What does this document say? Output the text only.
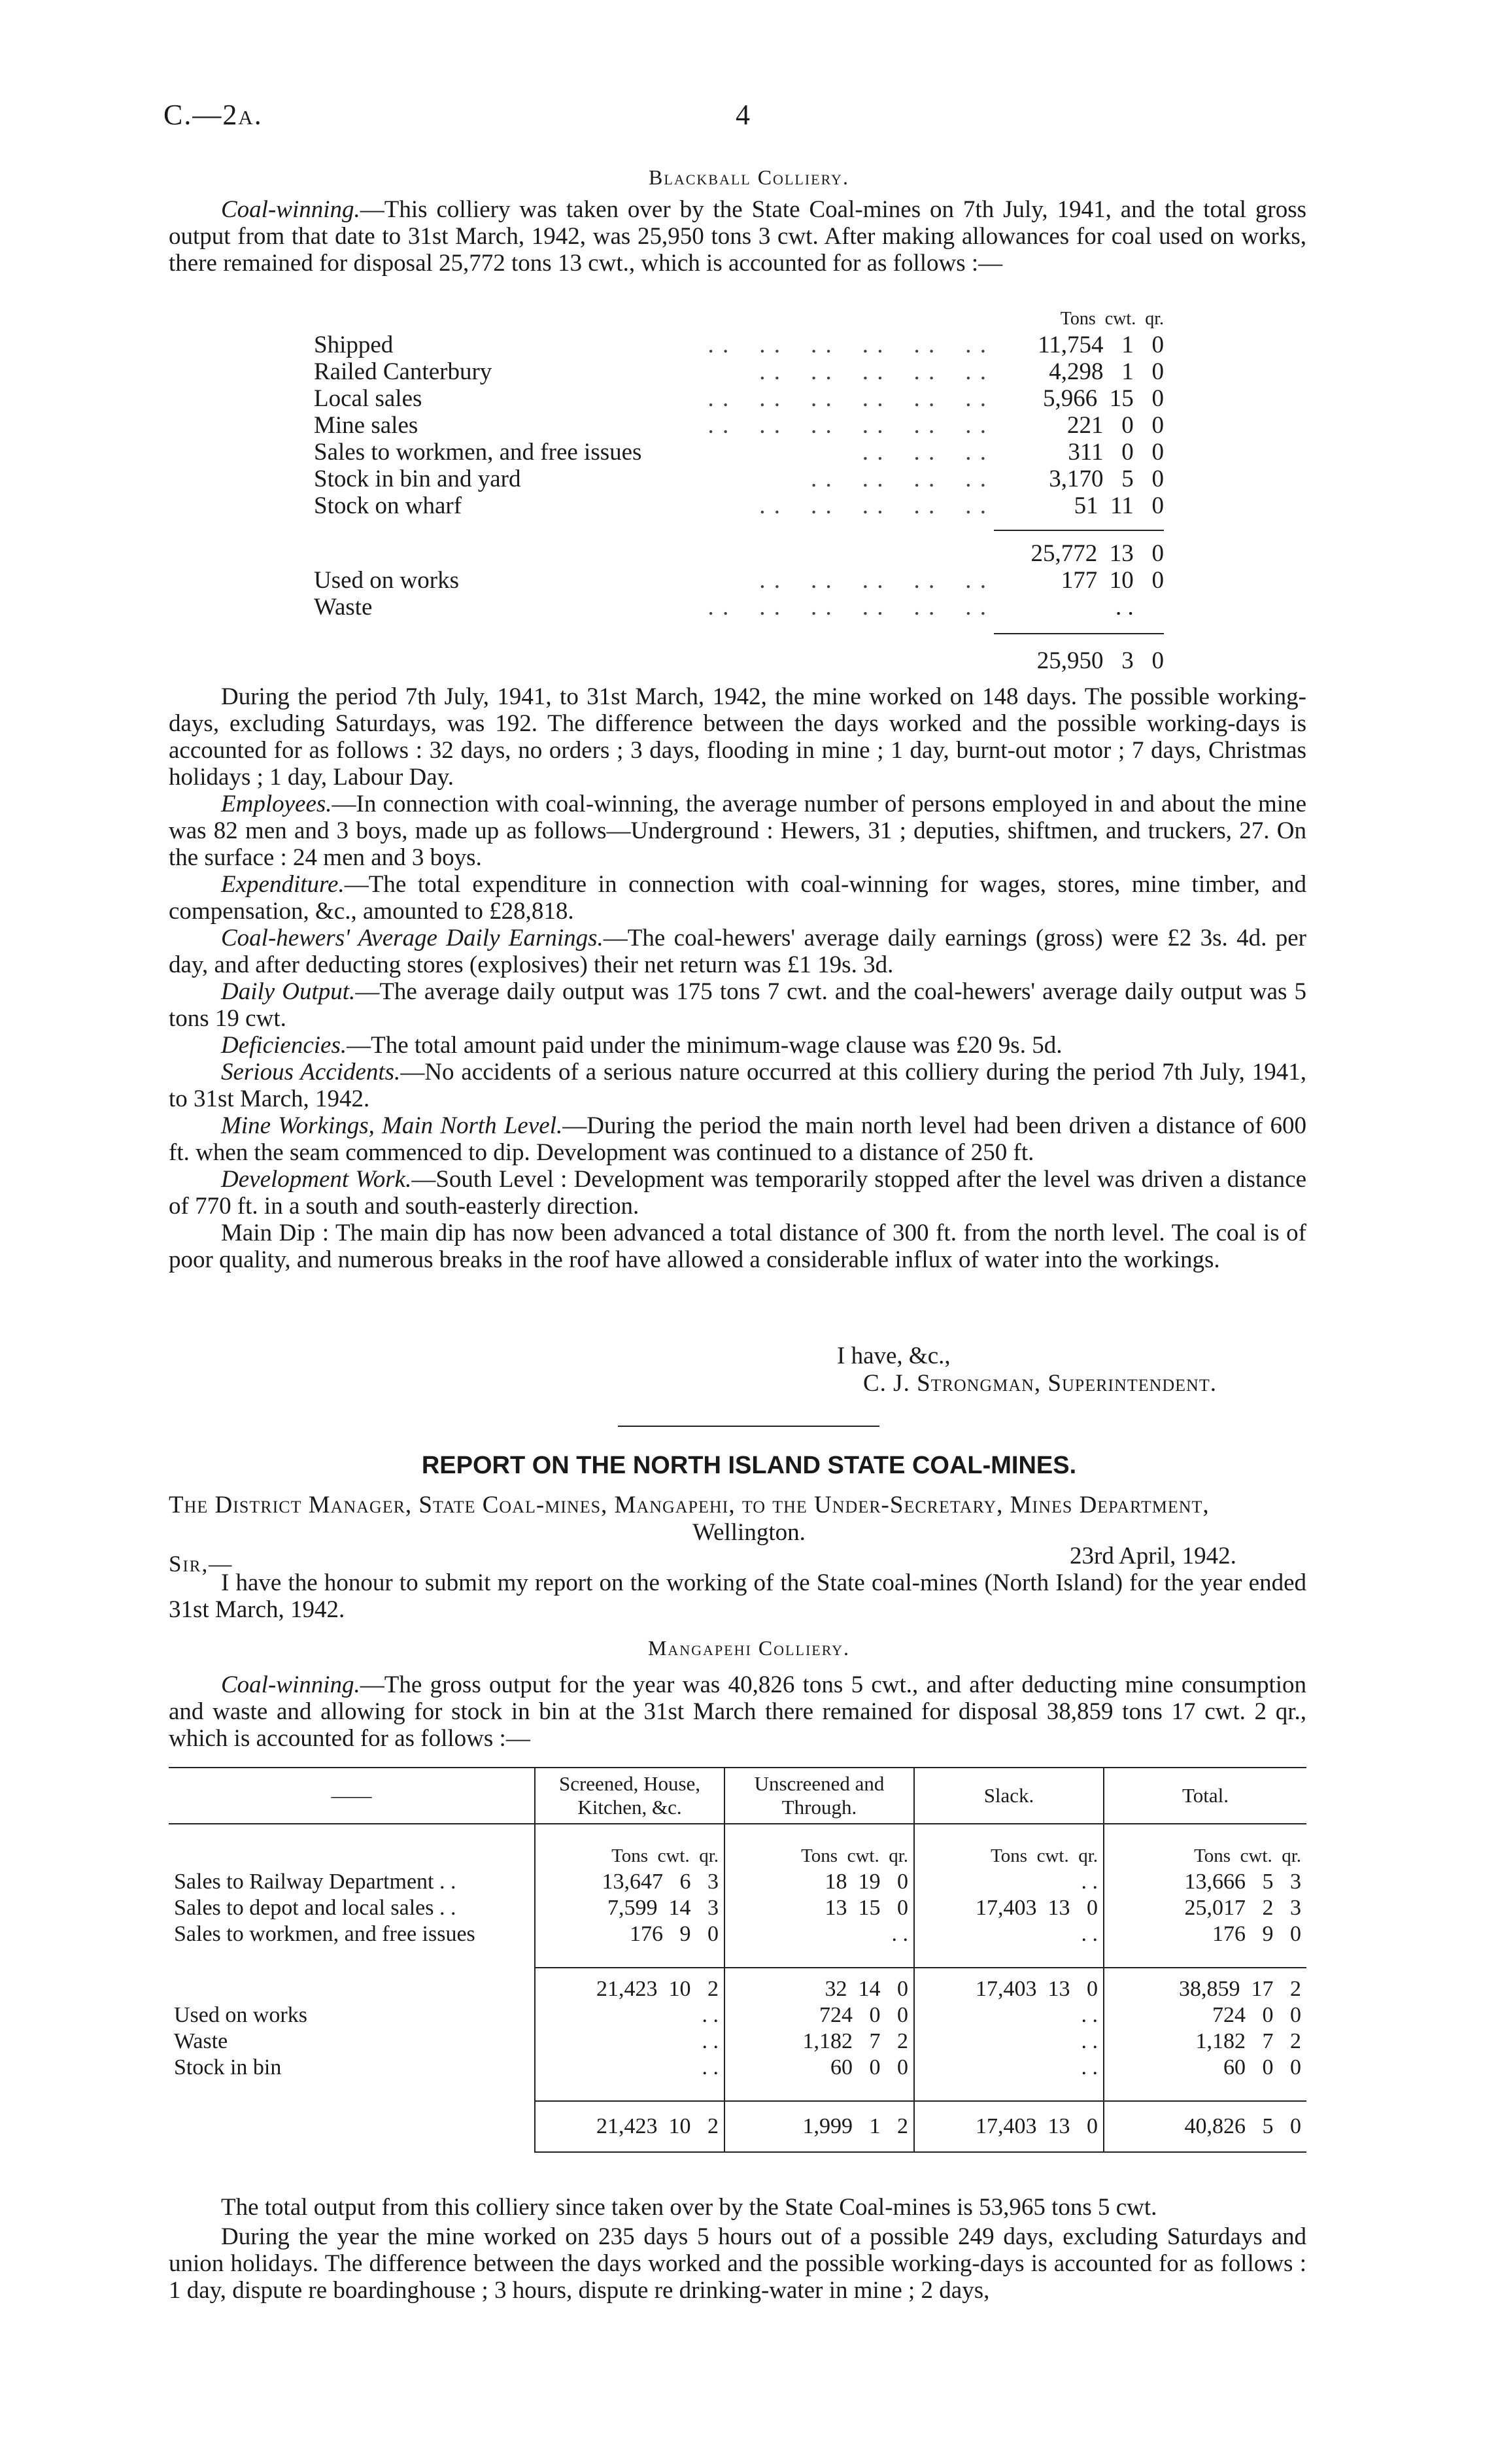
C.—2a.	4
Blackball Colliery.
Coal-winning.—This colliery was taken over by the State Coal-mines on 7th July, 1941, and the total gross output from that date to 31st March, 1942, was 25,950 tons 3 cwt. After making allowances for coal used on works, there remained for disposal 25,772 tons 13 cwt., which is accounted for as follows :—
Tons  cwt.  qr.
Shipped	. .    . .    . .    . .    . .    . .	11,754   1   0
Railed Canterbury	. .    . .    . .    . .    . .	4,298   1   0
Local sales	. .    . .    . .    . .    . .    . .	5,966  15   0
Mine sales	. .    . .    . .    . .    . .    . .	221   0   0
Sales to workmen, and free issues	. .    . .    . .	311   0   0
Stock in bin and yard	. .    . .    . .    . .	3,170   5   0
Stock on wharf	. .    . .    . .    . .    . .	51  11   0
25,772  13   0
Used on works	. .    . .    . .    . .    . .	177  10   0
Waste	. .    . .    . .    . .    . .    . .	. .
25,950   3   0

During the period 7th July, 1941, to 31st March, 1942, the mine worked on 148 days. The possible working-days, excluding Saturdays, was 192. The difference between the days worked and the possible working-days is accounted for as follows : 32 days, no orders ; 3 days, flooding in mine ; 1 day, burnt-out motor ; 7 days, Christmas holidays ; 1 day, Labour Day.

Employees.—In connection with coal-winning, the average number of persons employed in and about the mine was 82 men and 3 boys, made up as follows—Underground : Hewers, 31 ; deputies, shiftmen, and truckers, 27. On the surface : 24 men and 3 boys.

Expenditure.—The total expenditure in connection with coal-winning for wages, stores, mine timber, and compensation, &c., amounted to £28,818.

Coal-hewers' Average Daily Earnings.—The coal-hewers' average daily earnings (gross) were £2 3s. 4d. per day, and after deducting stores (explosives) their net return was £1 19s. 3d.

Daily Output.—The average daily output was 175 tons 7 cwt. and the coal-hewers' average daily output was 5 tons 19 cwt.

Deficiencies.—The total amount paid under the minimum-wage clause was £20 9s. 5d.

Serious Accidents.—No accidents of a serious nature occurred at this colliery during the period 7th July, 1941, to 31st March, 1942.

Mine Workings, Main North Level.—During the period the main north level had been driven a distance of 600 ft. when the seam commenced to dip. Development was continued to a distance of 250 ft.

Development Work.—South Level : Development was temporarily stopped after the level was driven a distance of 770 ft. in a south and south-easterly direction.

Main Dip : The main dip has now been advanced a total distance of 300 ft. from the north level. The coal is of poor quality, and numerous breaks in the roof have allowed a considerable influx of water into the workings.

I have, &c.,
C. J. Strongman, Superintendent.
REPORT ON THE NORTH ISLAND STATE COAL-MINES.
The District Manager, State Coal-mines, Mangapehi, to the Under-Secretary, Mines Department,
Wellington.
Sir,—	23rd April, 1942.
I have the honour to submit my report on the working of the State coal-mines (North Island) for the year ended 31st March, 1942.
Mangapehi Colliery.
Coal-winning.—The gross output for the year was 40,826 tons 5 cwt., and after deducting mine consumption and waste and allowing for stock in bin at the 31st March there remained for disposal 38,859 tons 17 cwt. 2 qr., which is accounted for as follows :—
——	Screened, House, Kitchen, &c.	Unscreened and Through.	Slack.	Total.
	Tons  cwt.  qr.	Tons  cwt.  qr.	Tons  cwt.  qr.	Tons  cwt.  qr.
Sales to Railway Department . .	13,647   6   3	18  19   0	. .	13,666   5   3
Sales to depot and local sales . .	7,599  14   3	13  15   0	17,403  13   0	25,017   2   3
Sales to workmen, and free issues	176   9   0	. .	. .	176   9   0

	21,423  10   2	32  14   0	17,403  13   0	38,859  17   2
Used on works	. .	724   0   0	. .	724   0   0
Waste	. .	1,182   7   2	. .	1,182   7   2
Stock in bin	. .	60   0   0	. .	60   0   0

	21,423  10   2	1,999   1   2	17,403  13   0	40,826   5   0
The total output from this colliery since taken over by the State Coal-mines is 53,965 tons 5 cwt.
During the year the mine worked on 235 days 5 hours out of a possible 249 days, excluding Saturdays and union holidays. The difference between the days worked and the possible working-days is accounted for as follows : 1 day, dispute re boardinghouse ; 3 hours, dispute re drinking-water in mine ; 2 days,
